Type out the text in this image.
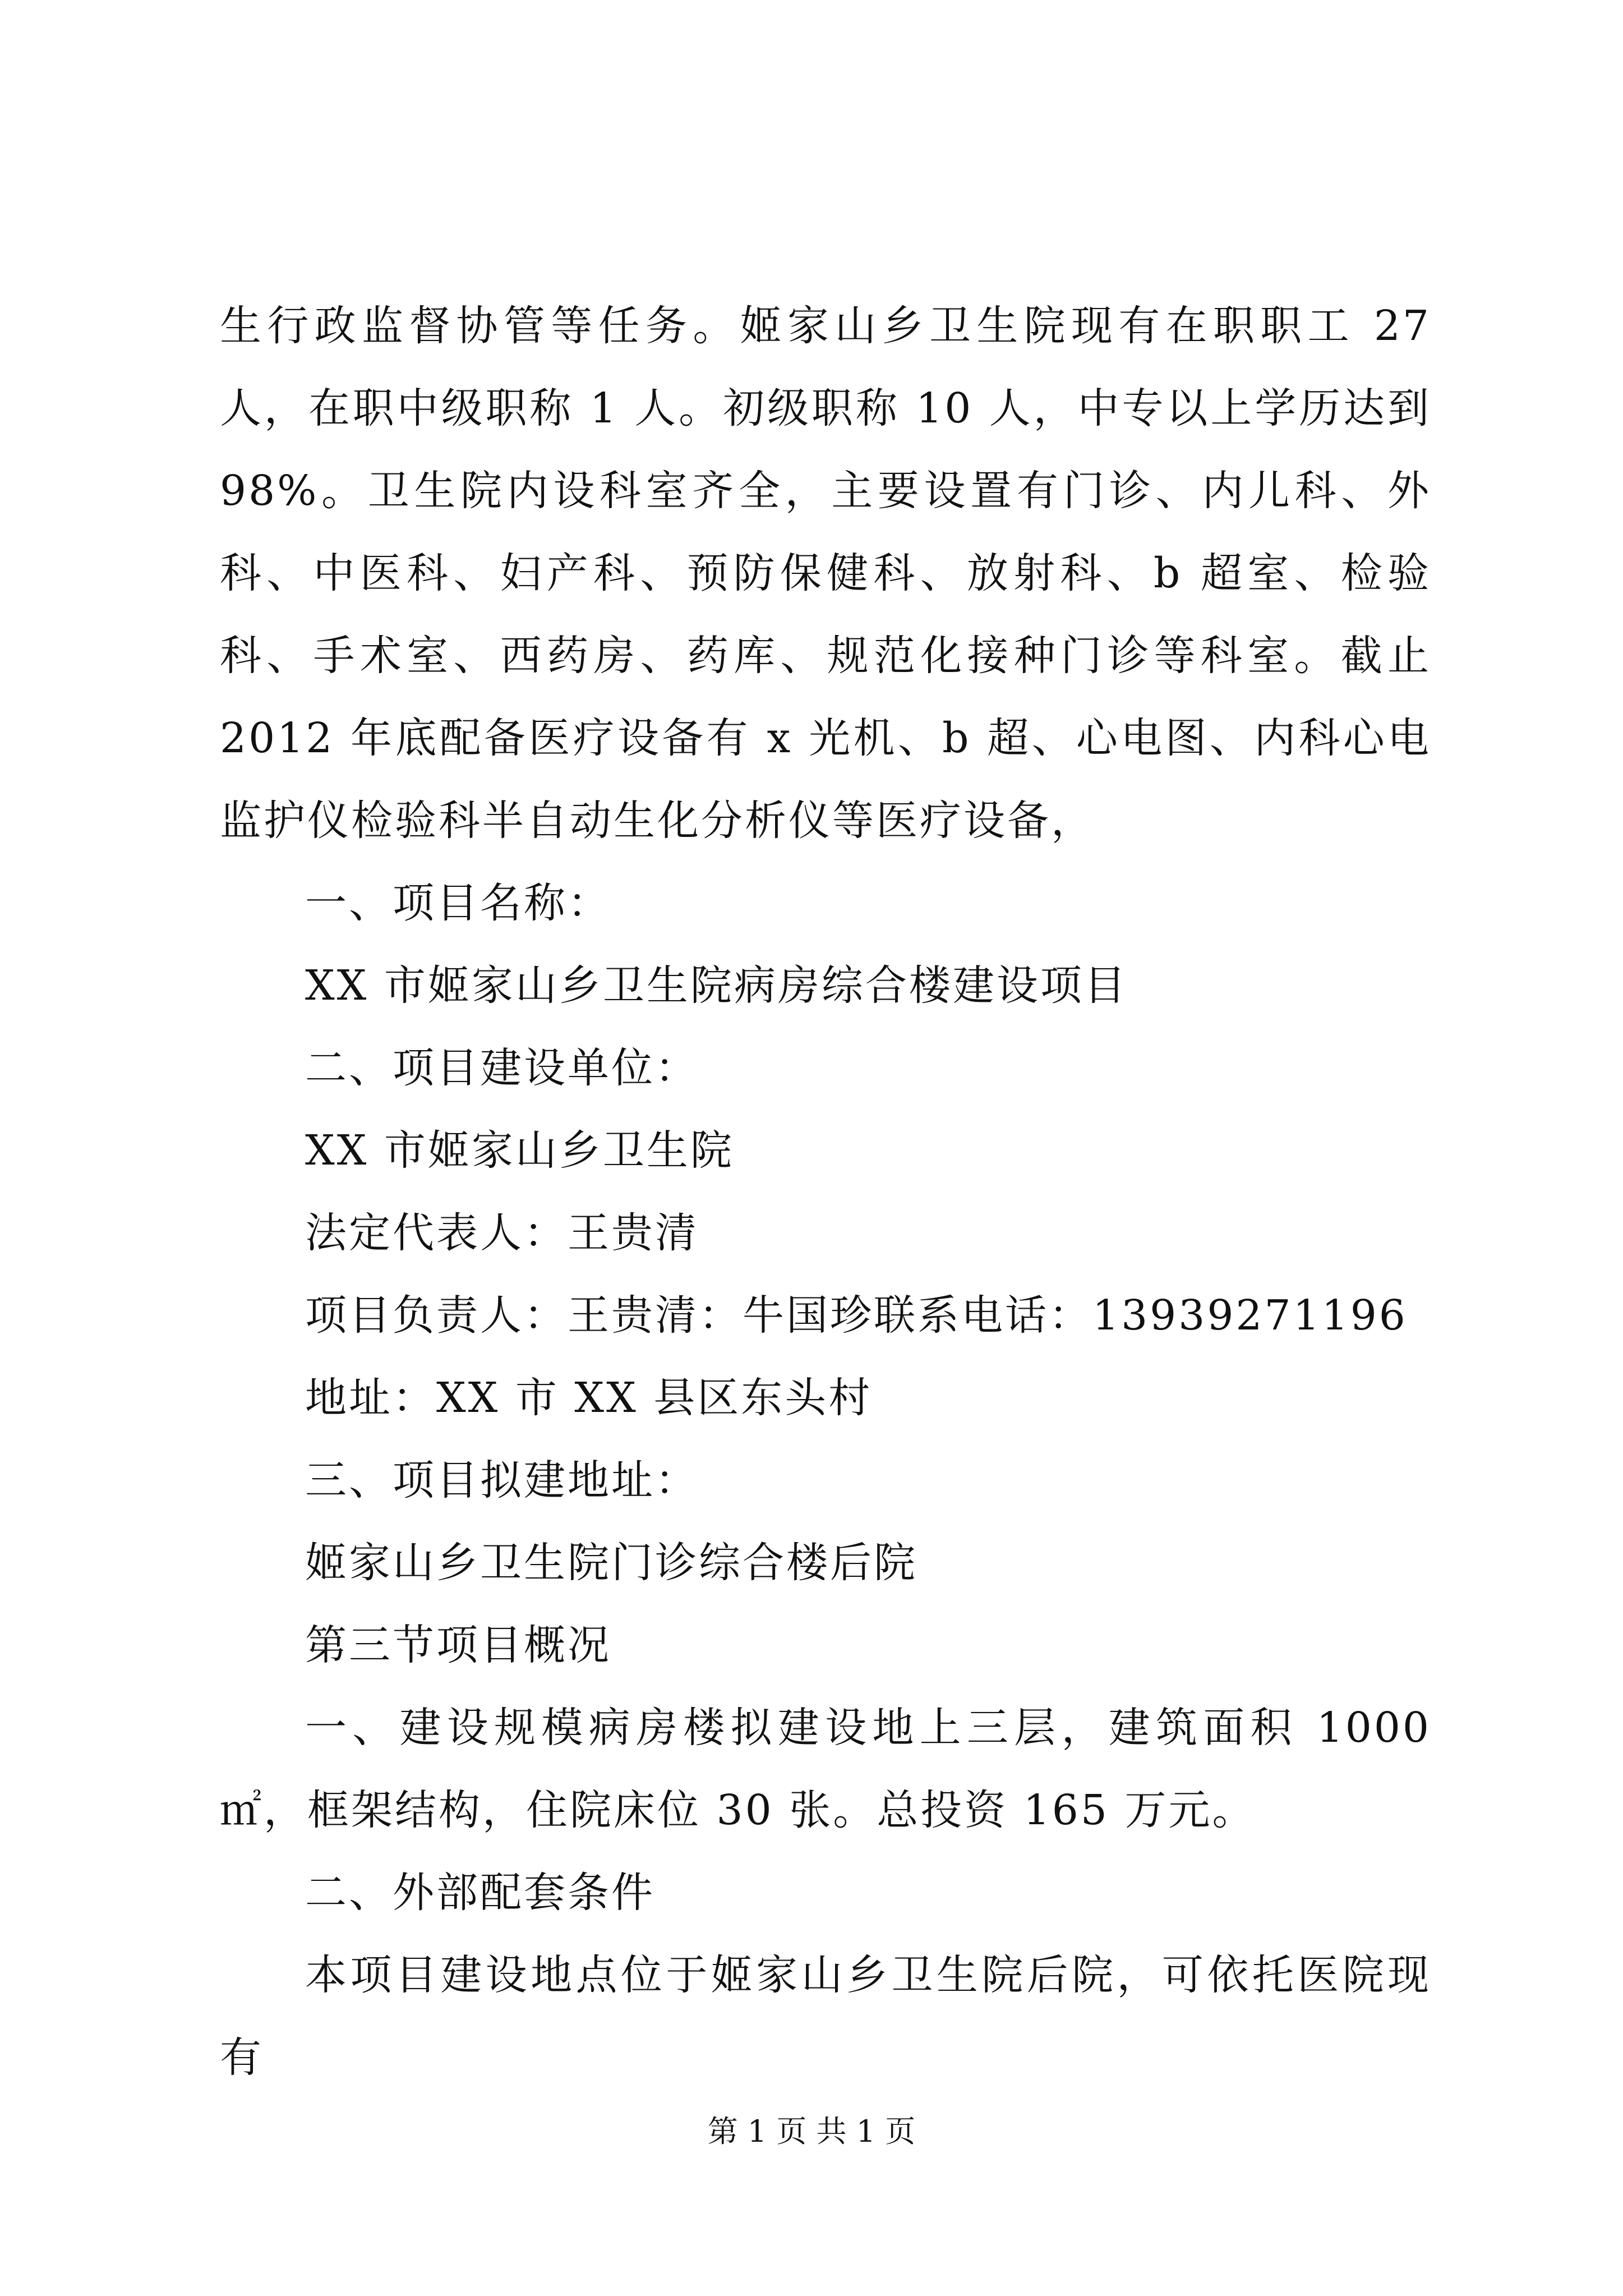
生行政监督协管等任务。姬家山乡卫生院现有在职职工 27 人，在职中级职称 1 人。初级职称 10 人，中专以上学历达到 98%。卫生院内设科室齐全，主要设置有门诊、内儿科、外科、中医科、妇产科、预防保健科、放射科、b 超室、检验科、手术室、西药房、药库、规范化接种门诊等科室。截止 2012 年底配备医疗设备有 x 光机、b 超、心电图、内科心电监护仪检验科半自动生化分析仪等医疗设备，

一、项目名称：

XX 市姬家山乡卫生院病房综合楼建设项目

二、项目建设单位：

XX 市姬家山乡卫生院

法定代表人：王贵清

项目负责人：王贵清：牛国珍联系电话：13939271196

地址：XX 市 XX 县区东头村

三、项目拟建地址：

姬家山乡卫生院门诊综合楼后院

第三节项目概况

一、建设规模病房楼拟建设地上三层，建筑面积 1000㎡，框架结构，住院床位 30 张。总投资 165 万元。

二、外部配套条件

本项目建设地点位于姬家山乡卫生院后院，可依托医院现有

第 1 页 共 1 页
